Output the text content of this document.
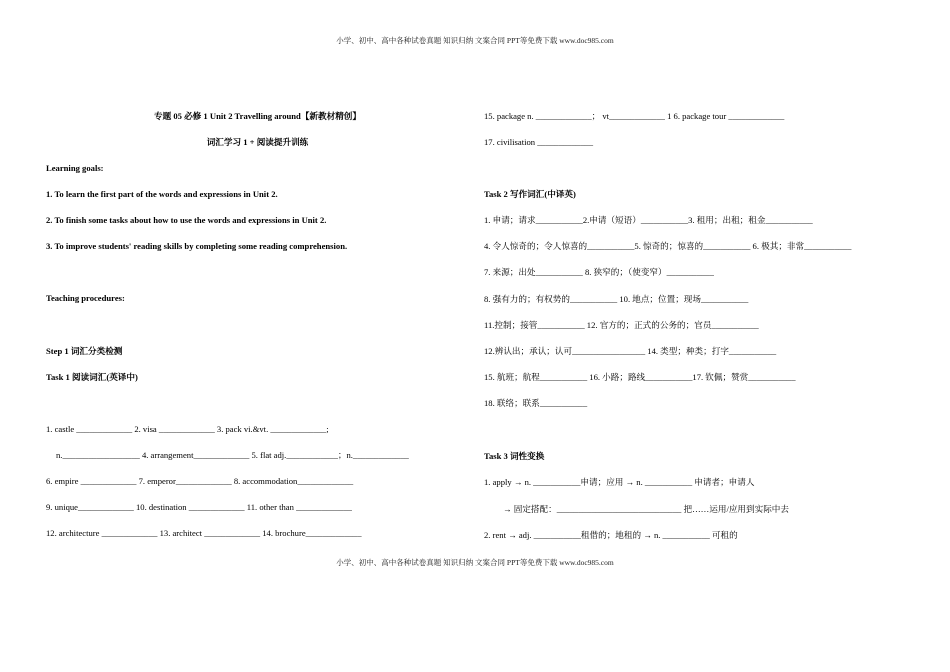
小学、初中、高中各种试卷真题 知识归纳 文案合同 PPT等免费下载 www.doc985.com
专题 05 必修 1 Unit 2 Travelling around【新教材精创】
词汇学习 1 + 阅读提升训练
Learning goals:
1. To learn the first part of the words and expressions in Unit 2.
2. To finish some tasks about how to use the words and expressions in Unit 2.
3. To improve students' reading skills by completing some reading comprehension.
Teaching procedures:
Step 1 词汇分类检测
Task 1 阅读词汇(英译中)
1. castle _____________ 2. visa _____________ 3. pack vi.&vt. _____________;
n.__________________ 4. arrangement_____________ 5. flat adj.____________；n._____________
6. empire _____________ 7. emperor_____________ 8. accommodation_____________
9. unique_____________ 10. destination _____________ 11. other than _____________
12. architecture _____________ 13. architect _____________ 14. brochure_____________
15. package n. _____________； vt_____________ 1 6. package tour _____________
17. civilisation _____________
Task 2 写作词汇(中译英)
1. 申请；请求___________2.申请（短语）___________3. 租用；出租；租金___________
4. 令人惊奇的；令人惊喜的___________5. 惊奇的；惊喜的___________ 6. 极其；非常___________
7. 来源；出处___________ 8. 狭窄的；（使变窄）___________
8. 强有力的；有权势的___________ 10. 地点；位置；现场___________
11.控制；接管___________ 12. 官方的；正式的公务的；官员___________
12.辨认出；承认；认可_________________ 14. 类型；种类；打字___________
15. 航班；航程___________ 16. 小路；路线___________17. 钦佩；赞赏___________
18. 联络；联系___________
Task 3 词性变换
1. apply → n. ___________申请；应用 → n. ___________ 申请者；申请人
→ 固定搭配：_____________________________ 把……运用/应用到实际中去
2. rent → adj. ___________租借的；地租的 → n. ___________ 可租的
小学、初中、高中各种试卷真题 知识归纳 文案合同 PPT等免费下载 www.doc985.com
